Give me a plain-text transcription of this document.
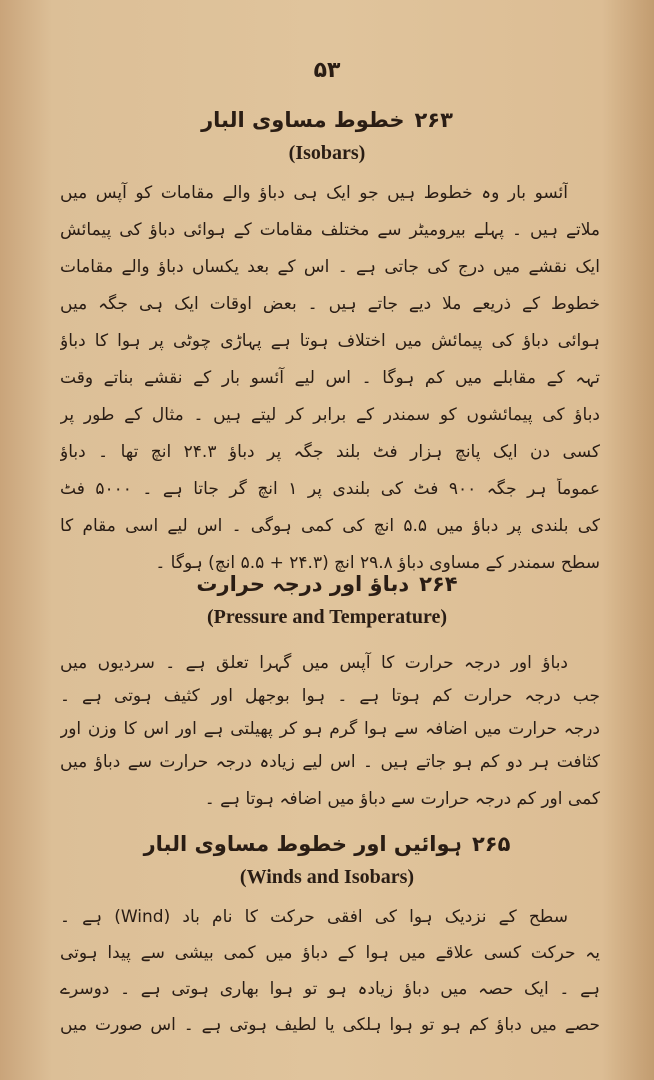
۵۳
۲۶۳خطوط مساوی البار
(Isobars)
آئسو بار وہ خطوط ہیں جو ایک ہی دباؤ والے مقامات کو آپس میں
ملاتے ہیں ۔ پہلے بیرومیٹر سے مختلف مقامات کے ہوائی دباؤ کی پیمائش
ایک نقشے میں درج کی جاتی ہے ۔ اس کے بعد یکساں دباؤ والے مقامات
خطوط کے ذریعے ملا دیے جاتے ہیں ۔ بعض اوقات ایک ہی جگہ میں
ہوائی دباؤ کی پیمائش میں اختلاف ہوتا ہے پہاڑی چوٹی پر ہوا کا دباؤ
تہہ کے مقابلے میں کم ہوگا ۔ اس لیے آئسو بار کے نقشے بناتے وقت
دباؤ کی پیمائشوں کو سمندر کے برابر کر لیتے ہیں ۔ مثال کے طور پر
کسی دن ایک پانچ ہزار فٹ بلند جگہ پر دباؤ ۲۴.۳ انچ تھا ۔ دباؤ
عموماً ہر جگہ ۹۰۰ فٹ کی بلندی پر ۱ انچ گر جاتا ہے ۔ ۵۰۰۰ فٹ
کی بلندی پر دباؤ میں ۵.۵ انچ کی کمی ہوگی ۔ اس لیے اسی مقام کا
سطح سمندر کے مساوی دباؤ ۲۹.۸ انچ (۲۴.۳ + ۵.۵ انچ) ہوگا ۔
۲۶۴دباؤ اور درجہ حرارت
(Pressure and Temperature)
دباؤ اور درجہ حرارت کا آپس میں گہرا تعلق ہے ۔ سردیوں میں
جب درجہ حرارت کم ہوتا ہے ۔ ہوا بوجھل اور کثیف ہوتی ہے ۔
درجہ حرارت میں اضافہ سے ہوا گرم ہو کر پھیلتی ہے اور اس کا وزن اور
کثافت ہر دو کم ہو جاتے ہیں ۔ اس لیے زیادہ درجہ حرارت سے دباؤ میں
کمی اور کم درجہ حرارت سے دباؤ میں اضافہ ہوتا ہے ۔
۲۶۵ہوائیں اور خطوط مساوی البار
(Winds and Isobars)
سطح کے نزدیک ہوا کی افقی حرکت کا نام باد (Wind) ہے ۔
یہ حرکت کسی علاقے میں ہوا کے دباؤ میں کمی بیشی سے پیدا ہوتی
ہے ۔ ایک حصہ میں دباؤ زیادہ ہو تو ہوا بھاری ہوتی ہے ۔ دوسرے
حصے میں دباؤ کم ہو تو ہوا ہلکی یا لطیف ہوتی ہے ۔ اس صورت میں
